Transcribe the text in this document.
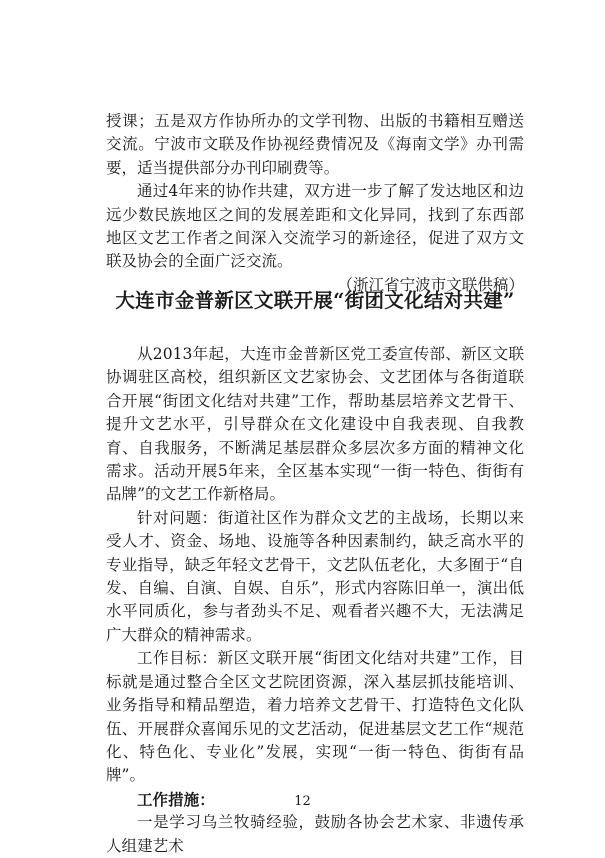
授课；五是双方作协所办的文学刊物、出版的书籍相互赠送交流。宁波市文联及作协视经费情况及《海南文学》办刊需要，适当提供部分办刊印刷费等。

通过4年来的协作共建，双方进一步了解了发达地区和边远少数民族地区之间的发展差距和文化异同，找到了东西部地区文艺工作者之间深入交流学习的新途径，促进了双方文联及协会的全面广泛交流。

（浙江省宁波市文联供稿）

大连市金普新区文联开展“街团文化结对共建”

从2013年起，大连市金普新区党工委宣传部、新区文联协调驻区高校，组织新区文艺家协会、文艺团体与各街道联合开展“街团文化结对共建”工作，帮助基层培养文艺骨干、提升文艺水平，引导群众在文化建设中自我表现、自我教育、自我服务，不断满足基层群众多层次多方面的精神文化需求。活动开展5年来，全区基本实现“一街一特色、街街有品牌”的文艺工作新格局。

针对问题：街道社区作为群众文艺的主战场，长期以来受人才、资金、场地、设施等各种因素制约，缺乏高水平的专业指导，缺乏年轻文艺骨干，文艺队伍老化，大多囿于“自发、自编、自演、自娱、自乐”，形式内容陈旧单一，演出低水平同质化，参与者劲头不足、观看者兴趣不大，无法满足广大群众的精神需求。

工作目标：新区文联开展“街团文化结对共建”工作，目标就是通过整合全区文艺院团资源，深入基层抓技能培训、业务指导和精品塑造，着力培养文艺骨干、打造特色文化队伍、开展群众喜闻乐见的文艺活动，促进基层文艺工作“规范化、特色化、专业化”发展，实现“一街一特色、街街有品牌”。

工作措施：

一是学习乌兰牧骑经验，鼓励各协会艺术家、非遗传承人组建艺术

12
